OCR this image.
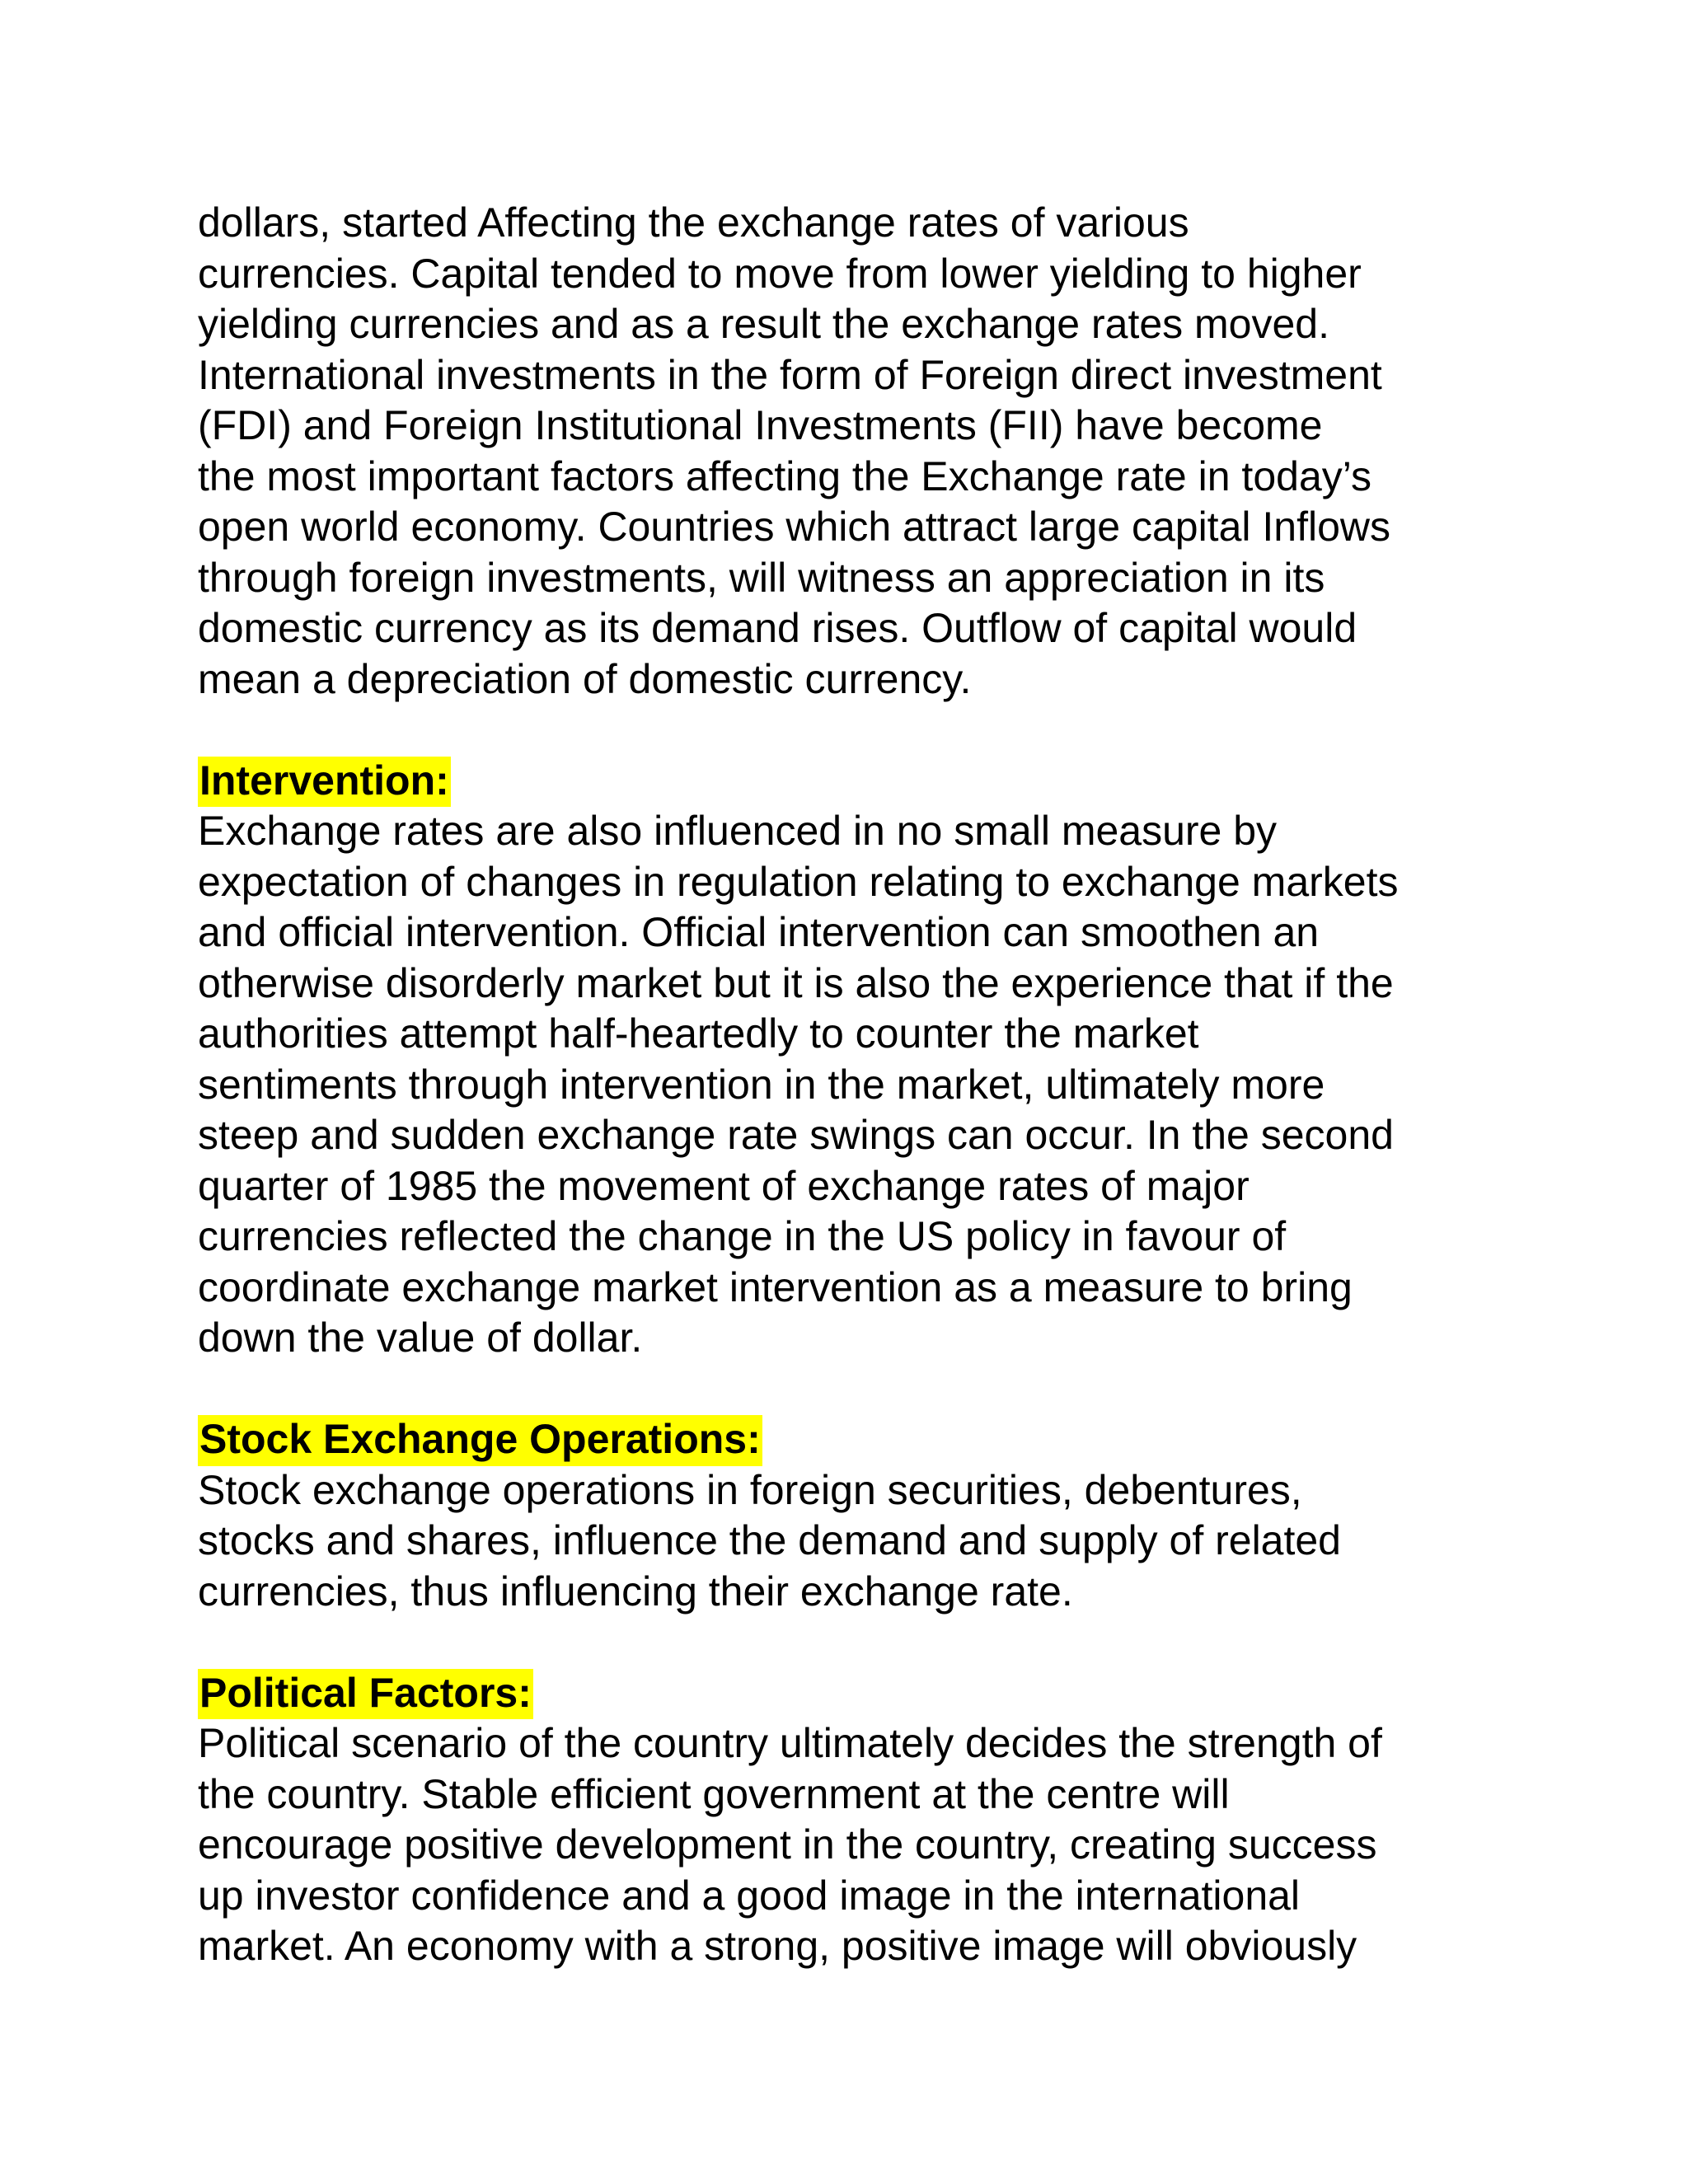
dollars, started Affecting the exchange rates of various
currencies. Capital tended to move from lower yielding to higher
yielding currencies and as a result the exchange rates moved.
International investments in the form of Foreign direct investment
(FDI) and Foreign Institutional Investments (FII) have become
the most important factors affecting the Exchange rate in today’s
open world economy. Countries which attract large capital Inflows
through foreign investments, will witness an appreciation in its
domestic currency as its demand rises. Outflow of capital would
mean a depreciation of domestic currency.
Intervention:
Exchange rates are also influenced in no small measure by
expectation of changes in regulation relating to exchange markets
and official intervention. Official intervention can smoothen an
otherwise disorderly market but it is also the experience that if the
authorities attempt half-heartedly to counter the market
sentiments through intervention in the market, ultimately more
steep and sudden exchange rate swings can occur. In the second
quarter of 1985 the movement of exchange rates of major
currencies reflected the change in the US policy in favour of
coordinate exchange market intervention as a measure to bring
down the value of dollar.
Stock Exchange Operations:
Stock exchange operations in foreign securities, debentures,
stocks and shares, influence the demand and supply of related
currencies, thus influencing their exchange rate.
Political Factors:
Political scenario of the country ultimately decides the strength of
the country. Stable efficient government at the centre will
encourage positive development in the country, creating success
up investor confidence and a good image in the international
market. An economy with a strong, positive image will obviously
